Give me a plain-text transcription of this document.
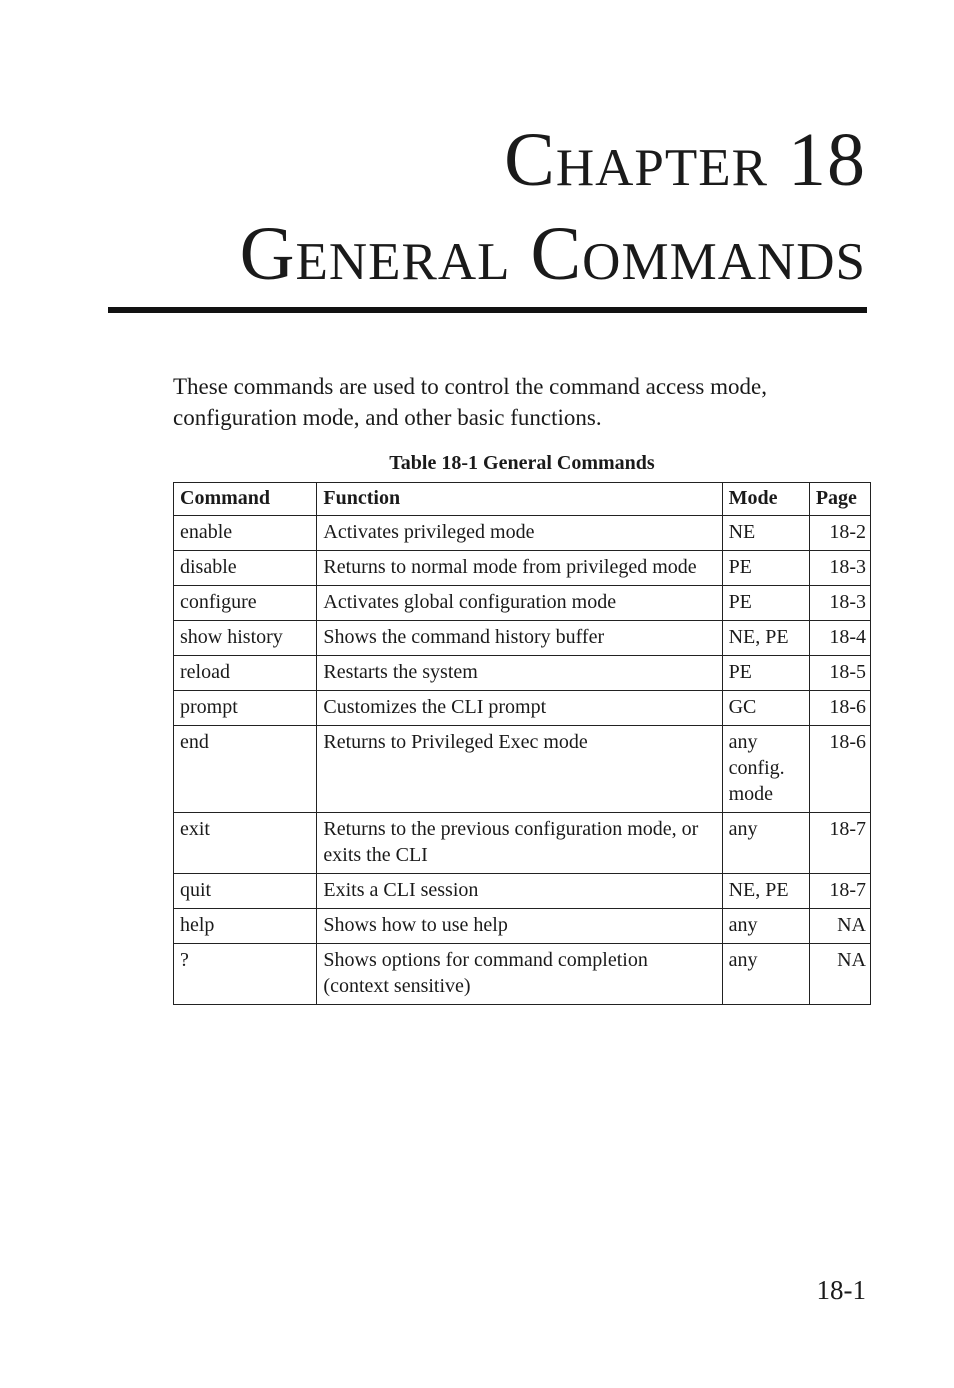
Chapter 18
General Commands

These commands are used to control the command access mode, configuration mode, and other basic functions.

Table 18-1 General Commands
Command	Function	Mode	Page
enable	Activates privileged mode	NE	18-2
disable	Returns to normal mode from privileged mode	PE	18-3
configure	Activates global configuration mode	PE	18-3
show history	Shows the command history buffer	NE, PE	18-4
reload	Restarts the system	PE	18-5
prompt	Customizes the CLI prompt	GC	18-6
end	Returns to Privileged Exec mode	any config. mode	18-6
exit	Returns to the previous configuration mode, or exits the CLI	any	18-7
quit	Exits a CLI session	NE, PE	18-7
help	Shows how to use help	any	NA
?	Shows options for command completion (context sensitive)	any	NA
18-1
